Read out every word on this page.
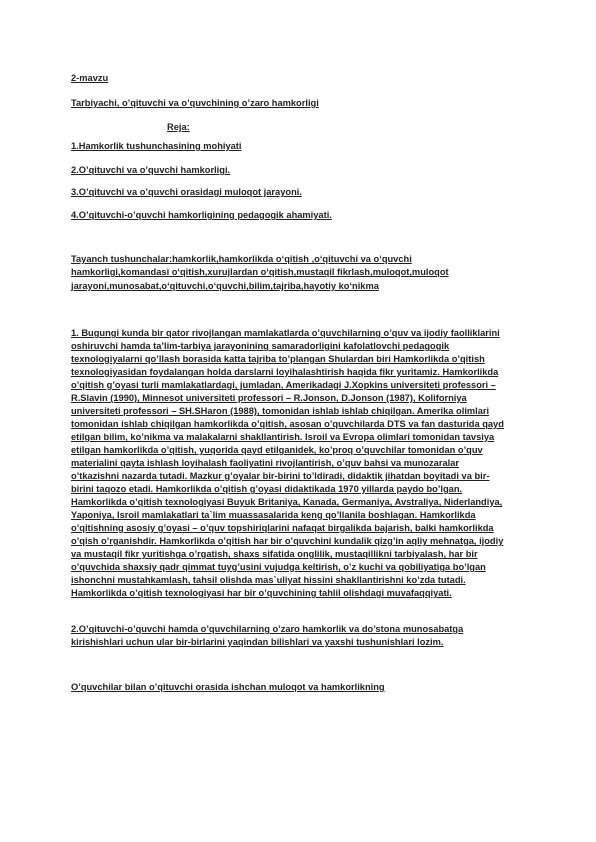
2-mavzu

Tarbiyachi, o’qituvchi va o’quvchining o’zaro hamkorligi

Reja:

1.Hamkorlik tushunchasining mohiyati

2.O’qituvchi va o’quvchi hamkorligi.

3.O’qituvchi va o’quvchi orasidagi muloqot jarayoni.

4.O’qituvchi-o’quvchi hamkorligining pedagogik ahamiyati.

Tayanch tushunchalar:hamkorlik,hamkorlikda o‘qitish ,o‘qituvchi va o‘quvchi

hamkorligi,komandasi o‘qitish,xurujlardan o‘qitish,mustaqil fikrlash,muloqot,muloqot

jarayoni,munosabat,o‘qituvchi,o‘quvchi,bilim,tajriba,hayotiy ko‘nikma

1. Bugungi kunda bir qator rivojlangan mamlakatlarda o’quvchilarning o’quv va ijodiy faolliklarini

oshiruvchi hamda ta’lim-tarbiya jarayonining samaradorligini kafolatlovchi pedagogik

texnologiyalarni qo’llash borasida katta tajriba to’plangan Shulardan biri Hamkorlikda o’qitish

texnologiyasidan foydalangan holda darslarni loyihalashtirish haqida fikr yuritamiz. Hamkorlikda

o’qitish g’oyasi turli mamlakatlardagi, jumladan, Amerikadagi J.Xopkins universiteti professori –

R.Slavin (1990), Minnesot universiteti professori – R.Jonson, D.Jonson (1987), Koliforniya

universiteti professori – SH.SHaron (1988), tomonidan ishlab ishlab chiqilgan. Amerika olimlari

tomonidan ishlab chiqilgan hamkorlikda o’qitish, asosan o’quvchilarda DTS va fan dasturida qayd

etilgan bilim, ko’nikma va malakalarni shakllantirish. Isroil va Evropa olimlari tomonidan tavsiya

etilgan hamkorlikda o’qitish, yuqorida qayd etilganidek, ko’proq o’quvchilar tomonidan o’quv

materialini qayta ishlash loyihalash faoliyatini rivojlantirish, o’quv bahsi va munozaralar

o’tkazishni nazarda tutadi. Mazkur g’oyalar bir-birini to’ldiradi, didaktik jihatdan boyitadi va bir-

birini taqozo etadi. Hamkorlikda o’qitish g’oyasi didaktikada 1970 yillarda paydo bo’lgan.

Hamkorlikda o’qitish texnologiyasi Buyuk Britaniya, Kanada, Germaniya, Avstraliya, Niderlandiya,

Yaponiya, Isroil mamlakatlari ta`lim muassasalarida keng qo’llanila boshlagan. Hamkorlikda

o’qitishning asosiy g’oyasi – o’quv topshiriqlarini nafaqat birgalikda bajarish, balki hamkorlikda

o’qish o’rganishdir. Hamkorlikda o’qitish har bir o’quvchini kundalik qizg’in aqliy mehnatga, ijodiy

va mustaqil fikr yuritishga o’rgatish, shaxs sifatida onglilik, mustaqillikni tarbiyalash, har bir

o’quvchida shaxsiy qadr qimmat tuyg’usini vujudga keltirish, o’z kuchi va qobiliyatiga bo’lgan

ishonchni mustahkamlash, tahsil olishda mas`uliyat hissini shakllantirishni ko’zda tutadi.

Hamkorlikda o’qitish texnologiyasi har bir o’quvchining tahlil olishdagi muvafaqqiyati.

2.O’qituvchi-o’quvchi hamda o’quvchilarning o’zaro hamkorlik va do’stona munosabatga

kirishishlari uchun ular bir-birlarini yaqindan bilishlari va yaxshi tushunishlari lozim.

O’quvchilar bilan o’qituvchi orasida ishchan muloqot va hamkorlikning
